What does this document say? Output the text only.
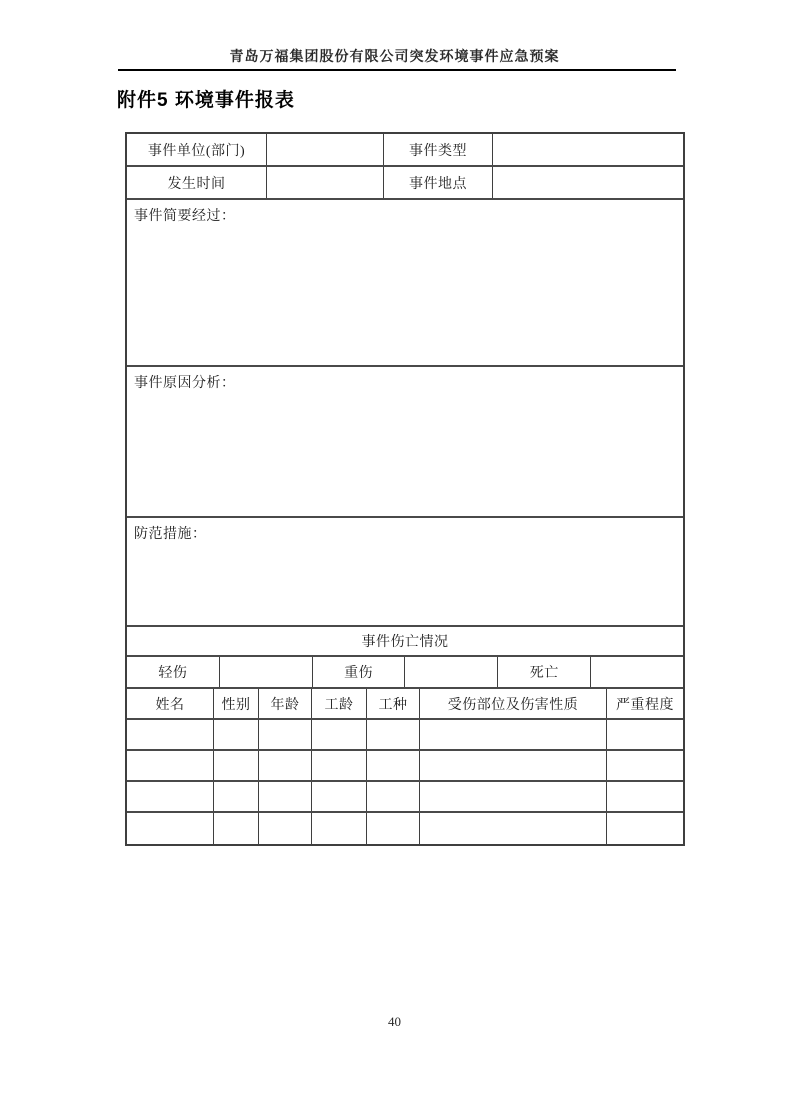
青岛万福集团股份有限公司突发环境事件应急预案
附件5 环境事件报表
事件单位(部门)	事件类型
发生时间	事件地点
事件简要经过：
事件原因分析：
防范措施：
事件伤亡情况
轻伤	重伤	死亡
姓名	性别	年龄	工龄	工种	受伤部位及伤害性质	严重程度
40
